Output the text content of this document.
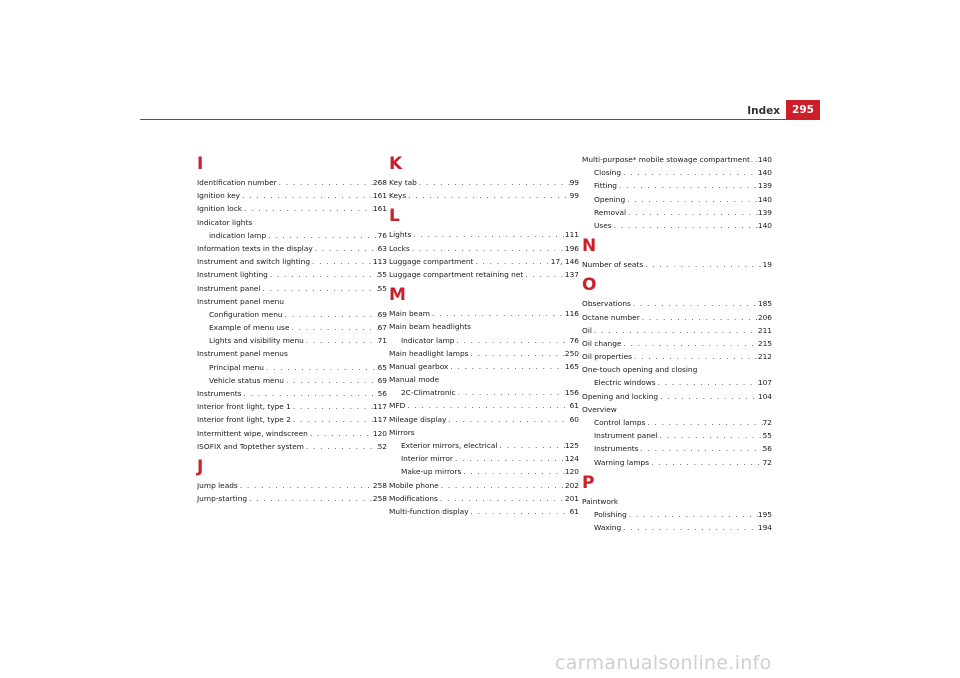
Index	295
I
Identification number . . .	268
Ignition key . . .	161
Ignition lock . . .	161
Indicator lights
indication lamp . . .	76
Information texts in the display . . .	63
Instrument and switch lighting . . .	113
Instrument lighting . . .	55
Instrument panel . . .	55
Instrument panel menu
Configuration menu . . .	69
Example of menu use . . .	67
Lights and visibility menu . . .	71
Instrument panel menus
Principal menu . . .	65
Vehicle status menu . . .	69
Instruments . . .	56
Interior front light, type 1 . . .	117
Interior front light, type 2 . . .	117
Intermittent wipe, windscreen . . .	120
ISOFIX and Toptether system . . .	52
J
Jump leads . . .	258
Jump-starting . . .	258
K
Key tab . . .	99
Keys . . .	99
L
Lights . . .	111
Locks . . .	196
Luggage compartment . . .	17, 146
Luggage compartment retaining net . . .	137
M
Main beam . . .	116
Main beam headlights
Indicator lamp . . .	76
Main headlight lamps . . .	250
Manual gearbox . . .	165
Manual mode
2C-Climatronic . . .	156
MFD . . .	61
Mileage display . . .	60
Mirrors
Exterior mirrors, electrical . . .	125
Interior mirror . . .	124
Make-up mirrors . . .	120
Mobile phone . . .	202
Modifications . . .	201
Multi-function display . . .	61
Multi-purpose* mobile stowage compartment . . . 140
Closing . . .	140
Fitting . . .	139
Opening . . .	140
Removal . . .	139
Uses . . .	140
N
Number of seats . . .	19
O
Observations . . .	185
Octane number . . .	206
Oil . . .	211
Oil change . . .	215
Oil properties . . .	212
One-touch opening and closing
Electric windows . . .	107
Opening and locking . . .	104
Overview
Control lamps . . .	72
Instrument panel . . .	55
Instruments . . .	56
Warning lamps . . .	72
P
Paintwork
Polishing . . .	195
Waxing . . .	194
carmanualsonline.info
